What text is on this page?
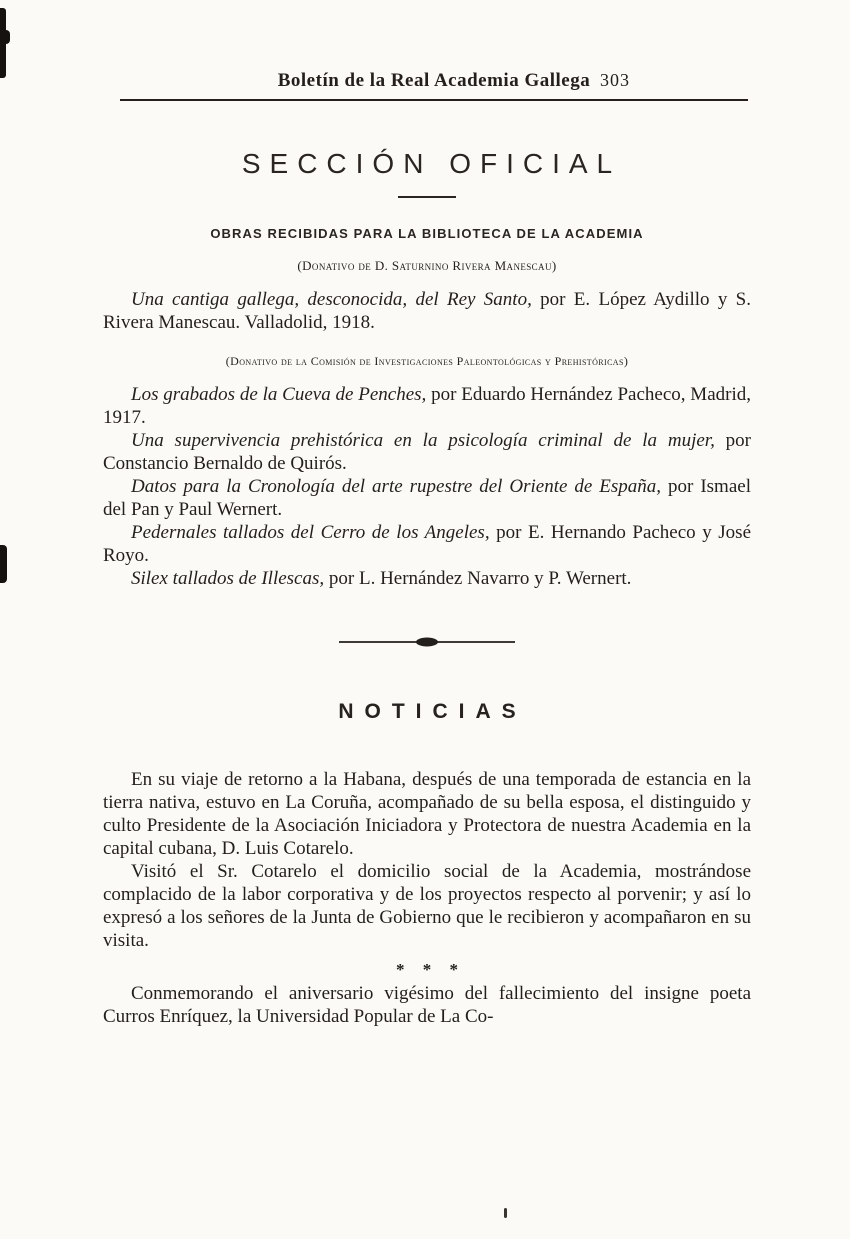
Boletín de la Real Academia Gallega 303
SECCIÓN OFICIAL
OBRAS RECIBIDAS PARA LA BIBLIOTECA DE LA ACADEMIA

(Donativo de D. Saturnino Rivera Manescau)

Una cantiga gallega, desconocida, del Rey Santo, por E. López Aydillo y S. Rivera Manescau. Valladolid, 1918.

(Donativo de la Comisión de Investigaciones Paleontológicas y Prehistóricas)

Los grabados de la Cueva de Penches, por Eduardo Hernández Pacheco, Madrid, 1917.

Una supervivencia prehistórica en la psicología criminal de la mujer, por Constancio Bernaldo de Quirós.

Datos para la Cronología del arte rupestre del Oriente de España, por Ismael del Pan y Paul Wernert.

Pedernales tallados del Cerro de los Angeles, por E. Hernando Pacheco y José Royo.

Silex tallados de Illescas, por L. Hernández Navarro y P. Wernert.

NOTICIAS

En su viaje de retorno a la Habana, después de una temporada de estancia en la tierra nativa, estuvo en La Coruña, acompañado de su bella esposa, el distinguido y culto Presidente de la Asociación Iniciadora y Protectora de nuestra Academia en la capital cubana, D. Luis Cotarelo.

Visitó el Sr. Cotarelo el domicilio social de la Academia, mostrándose complacido de la labor corporativa y de los proyectos respecto al porvenir; y así lo expresó a los señores de la Junta de Gobierno que le recibieron y acompañaron en su visita.

* * *

Conmemorando el aniversario vigésimo del fallecimiento del insigne poeta Curros Enríquez, la Universidad Popular de La Co-
